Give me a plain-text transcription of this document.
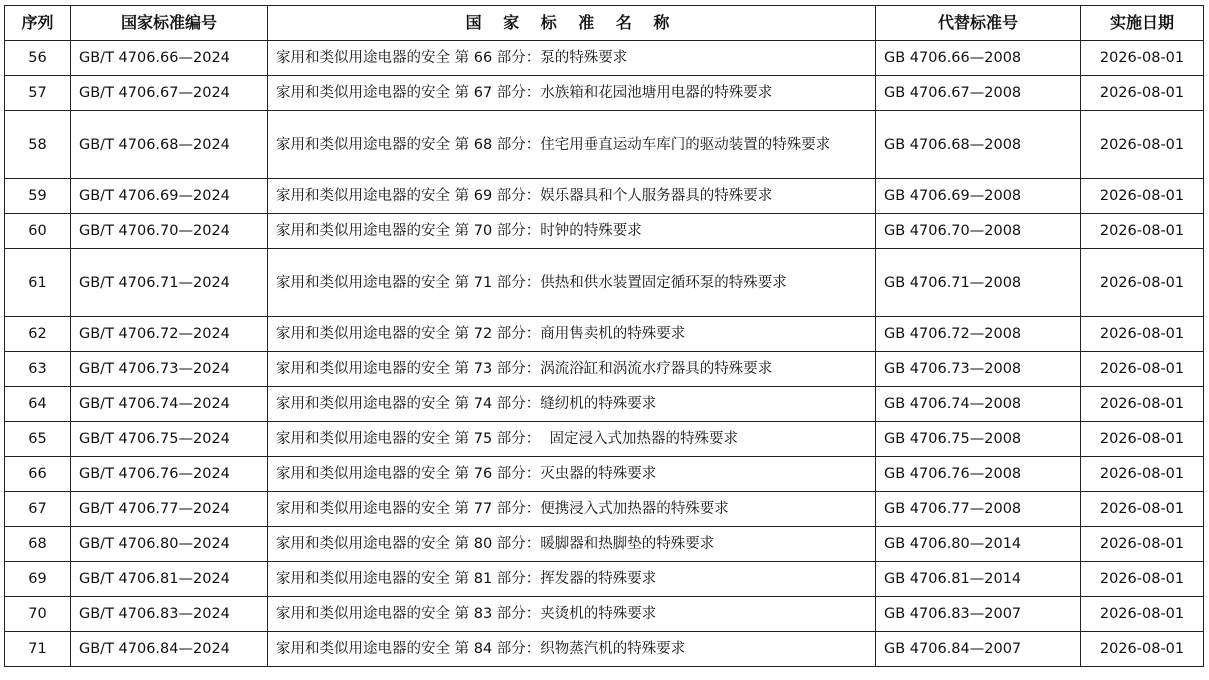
序列	国家标准编号	国 家 标 准 名 称	代替标准号	实施日期
56	GB/T 4706.66—2024	家用和类似用途电器的安全 第 66 部分：泵的特殊要求	GB 4706.66—2008	2026-08-01
57	GB/T 4706.67—2024	家用和类似用途电器的安全 第 67 部分：水族箱和花园池塘用电器的特殊要求	GB 4706.67—2008	2026-08-01
58	GB/T 4706.68—2024	家用和类似用途电器的安全 第 68 部分：住宅用垂直运动车库门的驱动装置的特殊要求	GB 4706.68—2008	2026-08-01
59	GB/T 4706.69—2024	家用和类似用途电器的安全 第 69 部分：娱乐器具和个人服务器具的特殊要求	GB 4706.69—2008	2026-08-01
60	GB/T 4706.70—2024	家用和类似用途电器的安全 第 70 部分：时钟的特殊要求	GB 4706.70—2008	2026-08-01
61	GB/T 4706.71—2024	家用和类似用途电器的安全 第 71 部分：供热和供水装置固定循环泵的特殊要求	GB 4706.71—2008	2026-08-01
62	GB/T 4706.72—2024	家用和类似用途电器的安全 第 72 部分：商用售卖机的特殊要求	GB 4706.72—2008	2026-08-01
63	GB/T 4706.73—2024	家用和类似用途电器的安全 第 73 部分：涡流浴缸和涡流水疗器具的特殊要求	GB 4706.73—2008	2026-08-01
64	GB/T 4706.74—2024	家用和类似用途电器的安全 第 74 部分：缝纫机的特殊要求	GB 4706.74—2008	2026-08-01
65	GB/T 4706.75—2024	家用和类似用途电器的安全 第 75 部分：  固定浸入式加热器的特殊要求	GB 4706.75—2008	2026-08-01
66	GB/T 4706.76—2024	家用和类似用途电器的安全 第 76 部分：灭虫器的特殊要求	GB 4706.76—2008	2026-08-01
67	GB/T 4706.77—2024	家用和类似用途电器的安全 第 77 部分：便携浸入式加热器的特殊要求	GB 4706.77—2008	2026-08-01
68	GB/T 4706.80—2024	家用和类似用途电器的安全 第 80 部分：暖脚器和热脚垫的特殊要求	GB 4706.80—2014	2026-08-01
69	GB/T 4706.81—2024	家用和类似用途电器的安全 第 81 部分：挥发器的特殊要求	GB 4706.81—2014	2026-08-01
70	GB/T 4706.83—2024	家用和类似用途电器的安全 第 83 部分：夹烫机的特殊要求	GB 4706.83—2007	2026-08-01
71	GB/T 4706.84—2024	家用和类似用途电器的安全 第 84 部分：织物蒸汽机的特殊要求	GB 4706.84—2007	2026-08-01
